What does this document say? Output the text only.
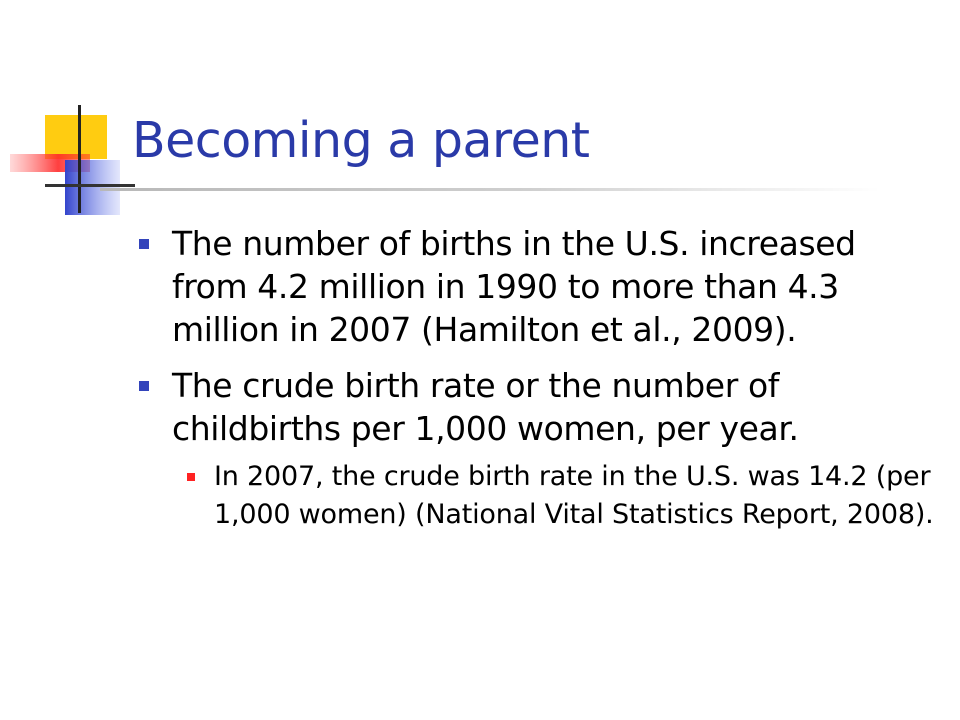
Becoming a parent
The number of births in the U.S. increased from 4.2 million in 1990 to more than 4.3 million in 2007 (Hamilton et al., 2009).
The crude birth rate or the number of childbirths per 1,000 women, per year.
In 2007, the crude birth rate in the U.S. was 14.2 (per 1,000 women) (National Vital Statistics Report, 2008).
